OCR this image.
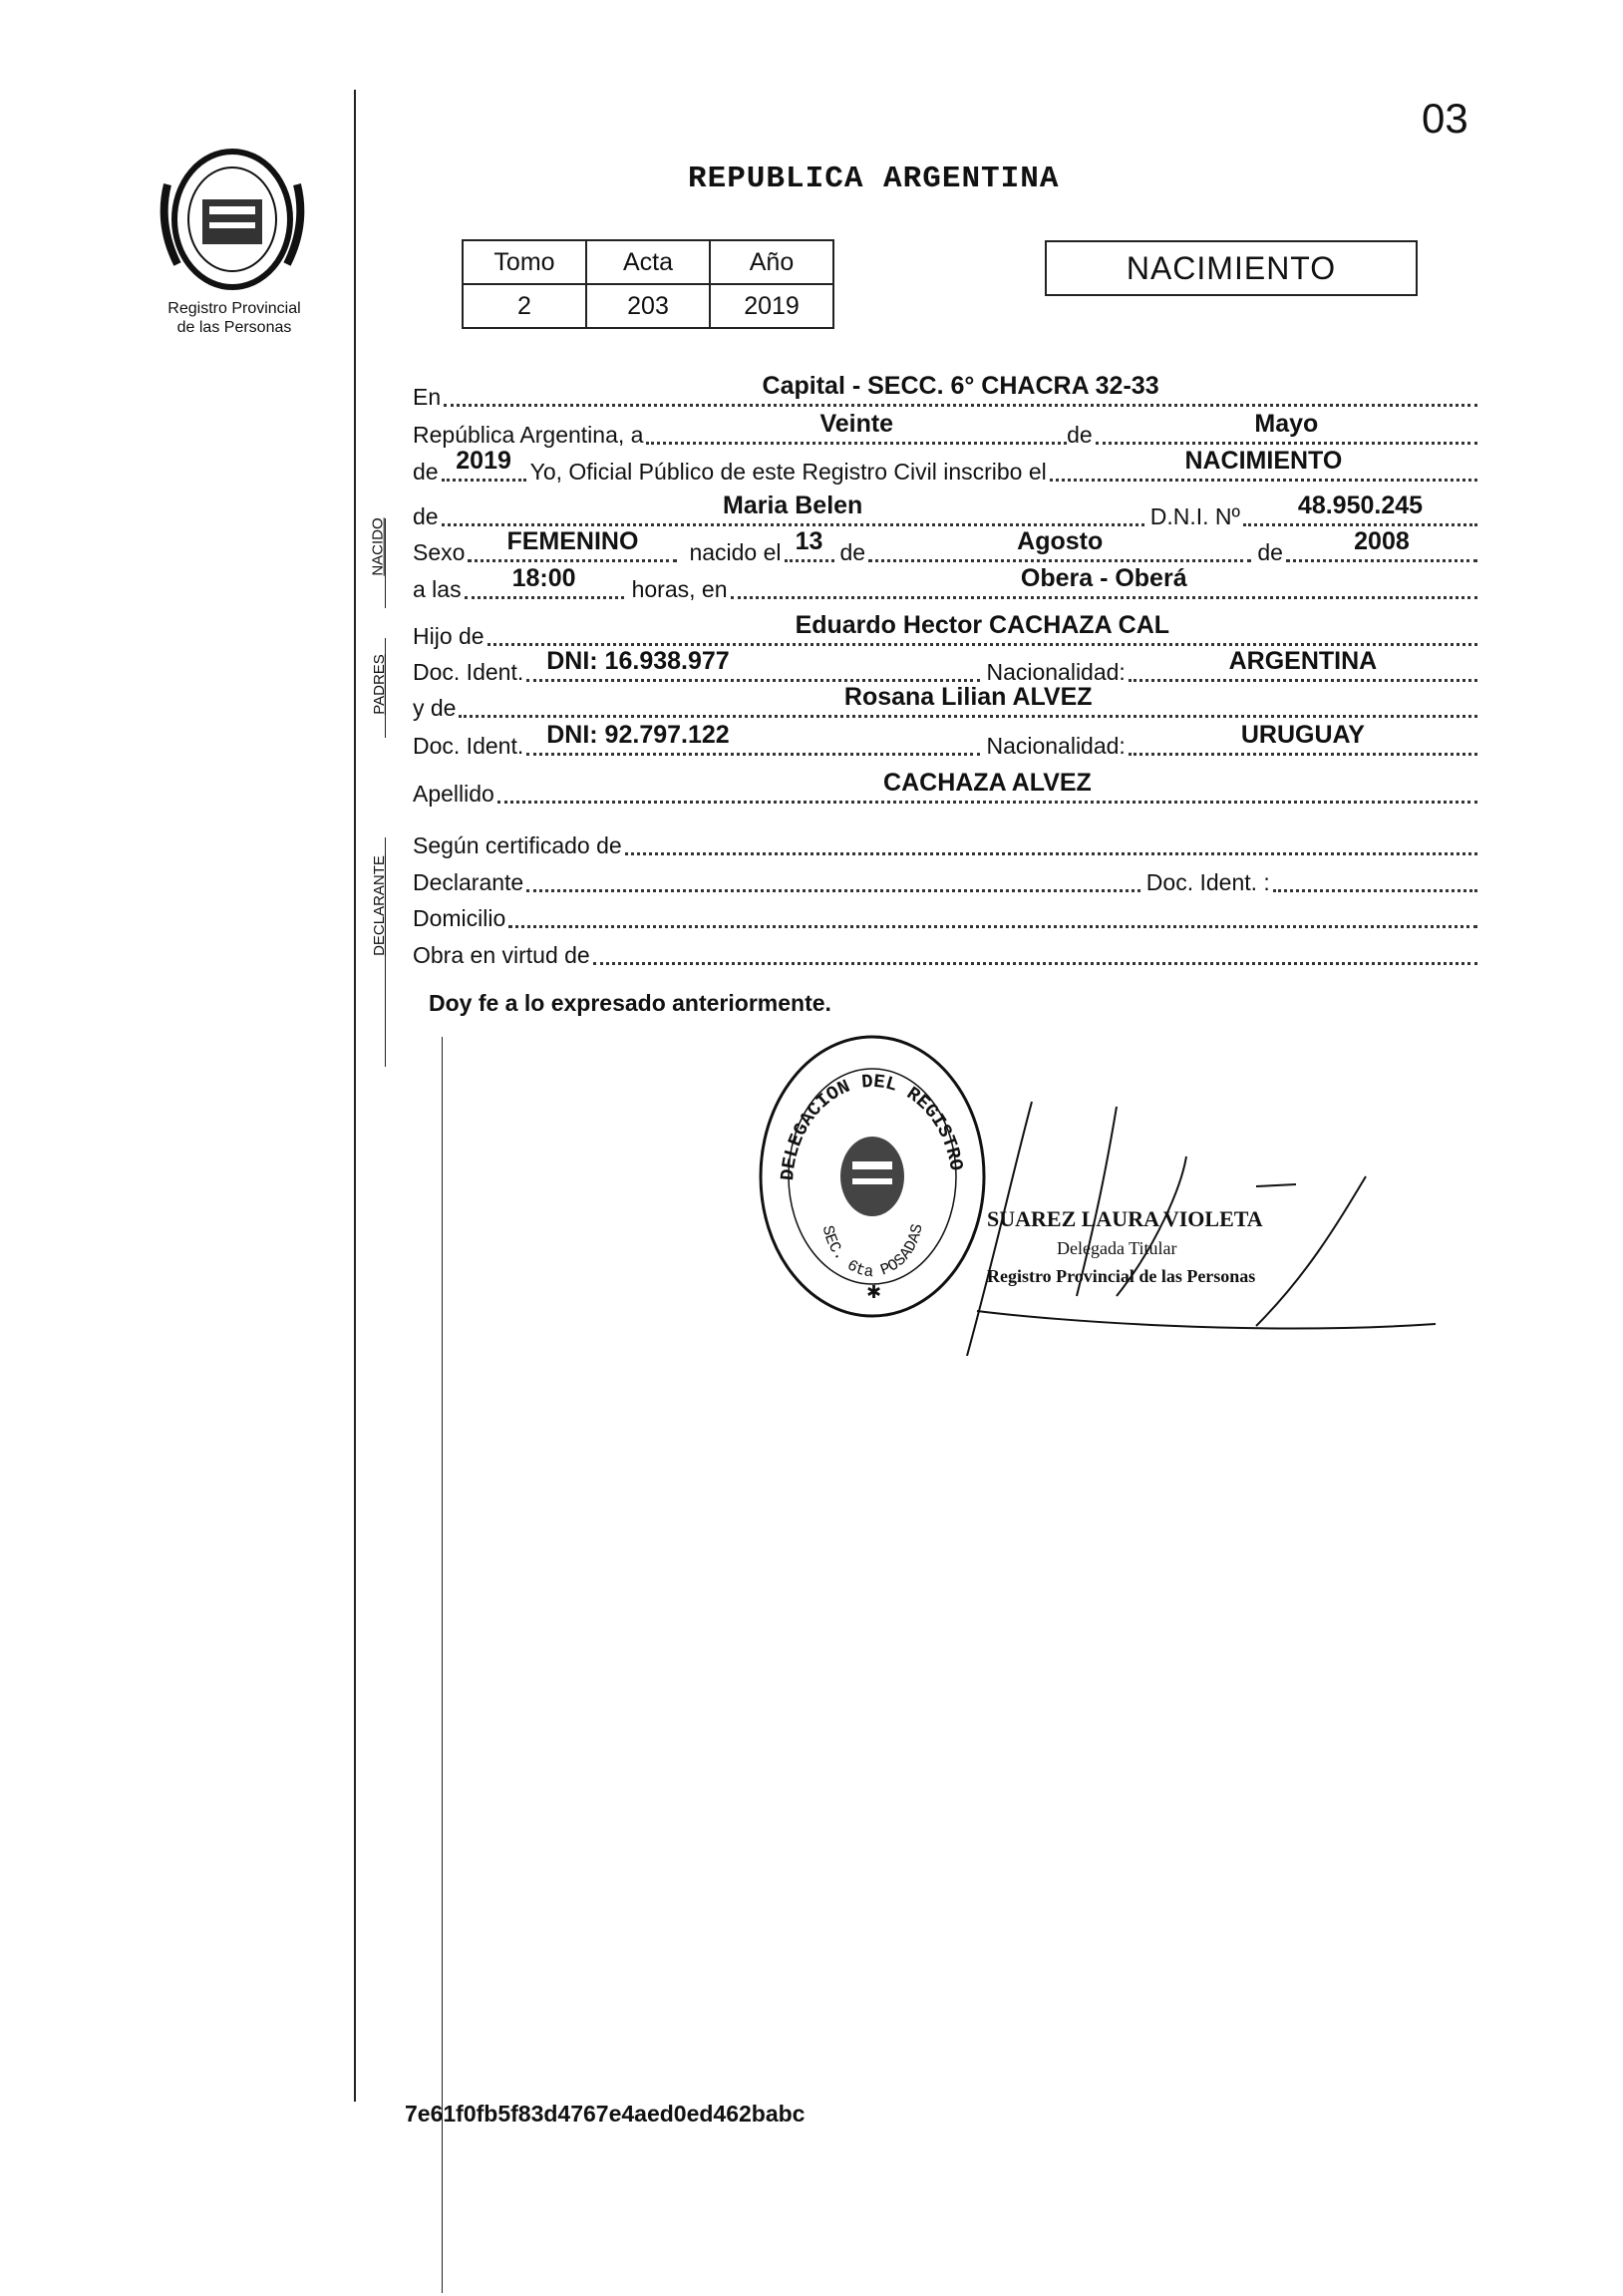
Registro Provincial
de las Personas
03
REPUBLICA ARGENTINA
Tomo	Acta	Año
2	203	2019
NACIMIENTO
NACIDO
PADRES
DECLARANTE
En	Capital - SECC. 6° CHACRA 32-33
República Argentina, a	Veinte	de	Mayo
de 2019 Yo, Oficial Público de este Registro Civil inscribo el	NACIMIENTO
de	Maria Belen	D.N.I. Nº	48.950.245
Sexo	FEMENINO	nacido el 13 de	Agosto	de	2008
a las	18:00	horas, en	Obera - Oberá
Hijo de	Eduardo Hector CACHAZA CAL
Doc. Ident. DNI: 16.938.977	Nacionalidad:	ARGENTINA
y de	Rosana Lilian ALVEZ
Doc. Ident. DNI: 92.797.122	Nacionalidad:	URUGUAY
Apellido	CACHAZA ALVEZ
Según certificado de
Declarante	Doc. Ident. :
Domicilio
Obra en virtud de
Doy fe a lo expresado anteriormente.
DELEGACION DEL REGISTRO
SEC. 6ta POSADAS
✱
SUAREZ LAURA VIOLETA
Delegada Titular
Registro Provincial de las Personas
7e61f0fb5f83d4767e4aed0ed462babc
